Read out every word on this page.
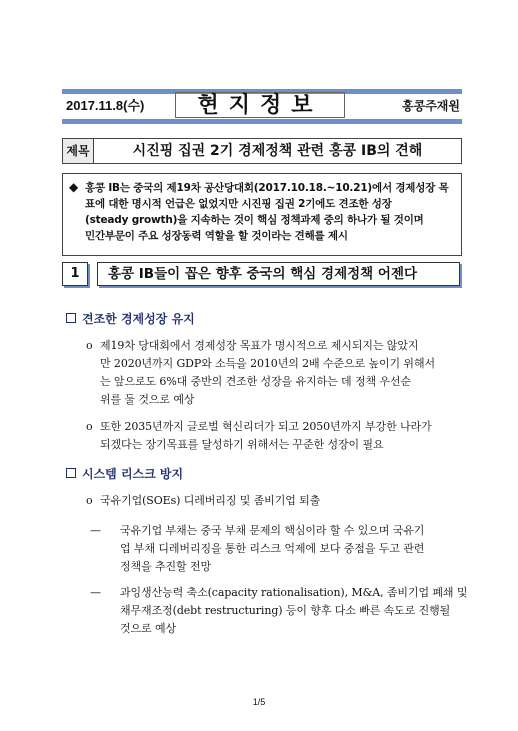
2017.11.8(수)	현지정보	홍콩주재원
제목	시진핑 집권 2기 경제정책 관련 홍콩 IB의 견해
◆ 홍콩 IB는 중국의 제19차 공산당대회(2017.10.18.~10.21)에서 경제성장 목
표에 대한 명시적 언급은 없었지만 시진핑 집권 2기에도 견조한 성장
(steady growth)을 지속하는 것이 핵심 정책과제 중의 하나가 될 것이며
민간부문이 주요 성장동력 역할을 할 것이라는 견해를 제시
1	홍콩 IB들이 꼽은 향후 중국의 핵심 경제정책 어젠다
견조한 경제성장 유지
o 제19차 당대회에서 경제성장 목표가 명시적으로 제시되지는 않았지
만 2020년까지 GDP와 소득을 2010년의 2배 수준으로 높이기 위해서
는 앞으로도 6%대 중반의 견조한 성장을 유지하는 데 정책 우선순
위를 둘 것으로 예상
o 또한 2035년까지 글로벌 혁신리더가 되고 2050년까지 부강한 나라가
되겠다는 장기목표를 달성하기 위해서는 꾸준한 성장이 필요
시스템 리스크 방지
o 국유기업(SOEs) 디레버리징 및 좀비기업 퇴출
— 국유기업 부채는 중국 부채 문제의 핵심이라 할 수 있으며 국유기
업 부채 디레버리징을 통한 리스크 억제에 보다 중점을 두고 관련
정책을 추진할 전망
— 과잉생산능력 축소(capacity rationalisation), M&A, 좀비기업 폐쇄 및
채무재조정(debt restructuring) 등이 향후 다소 빠른 속도로 진행될
것으로 예상
1/5
